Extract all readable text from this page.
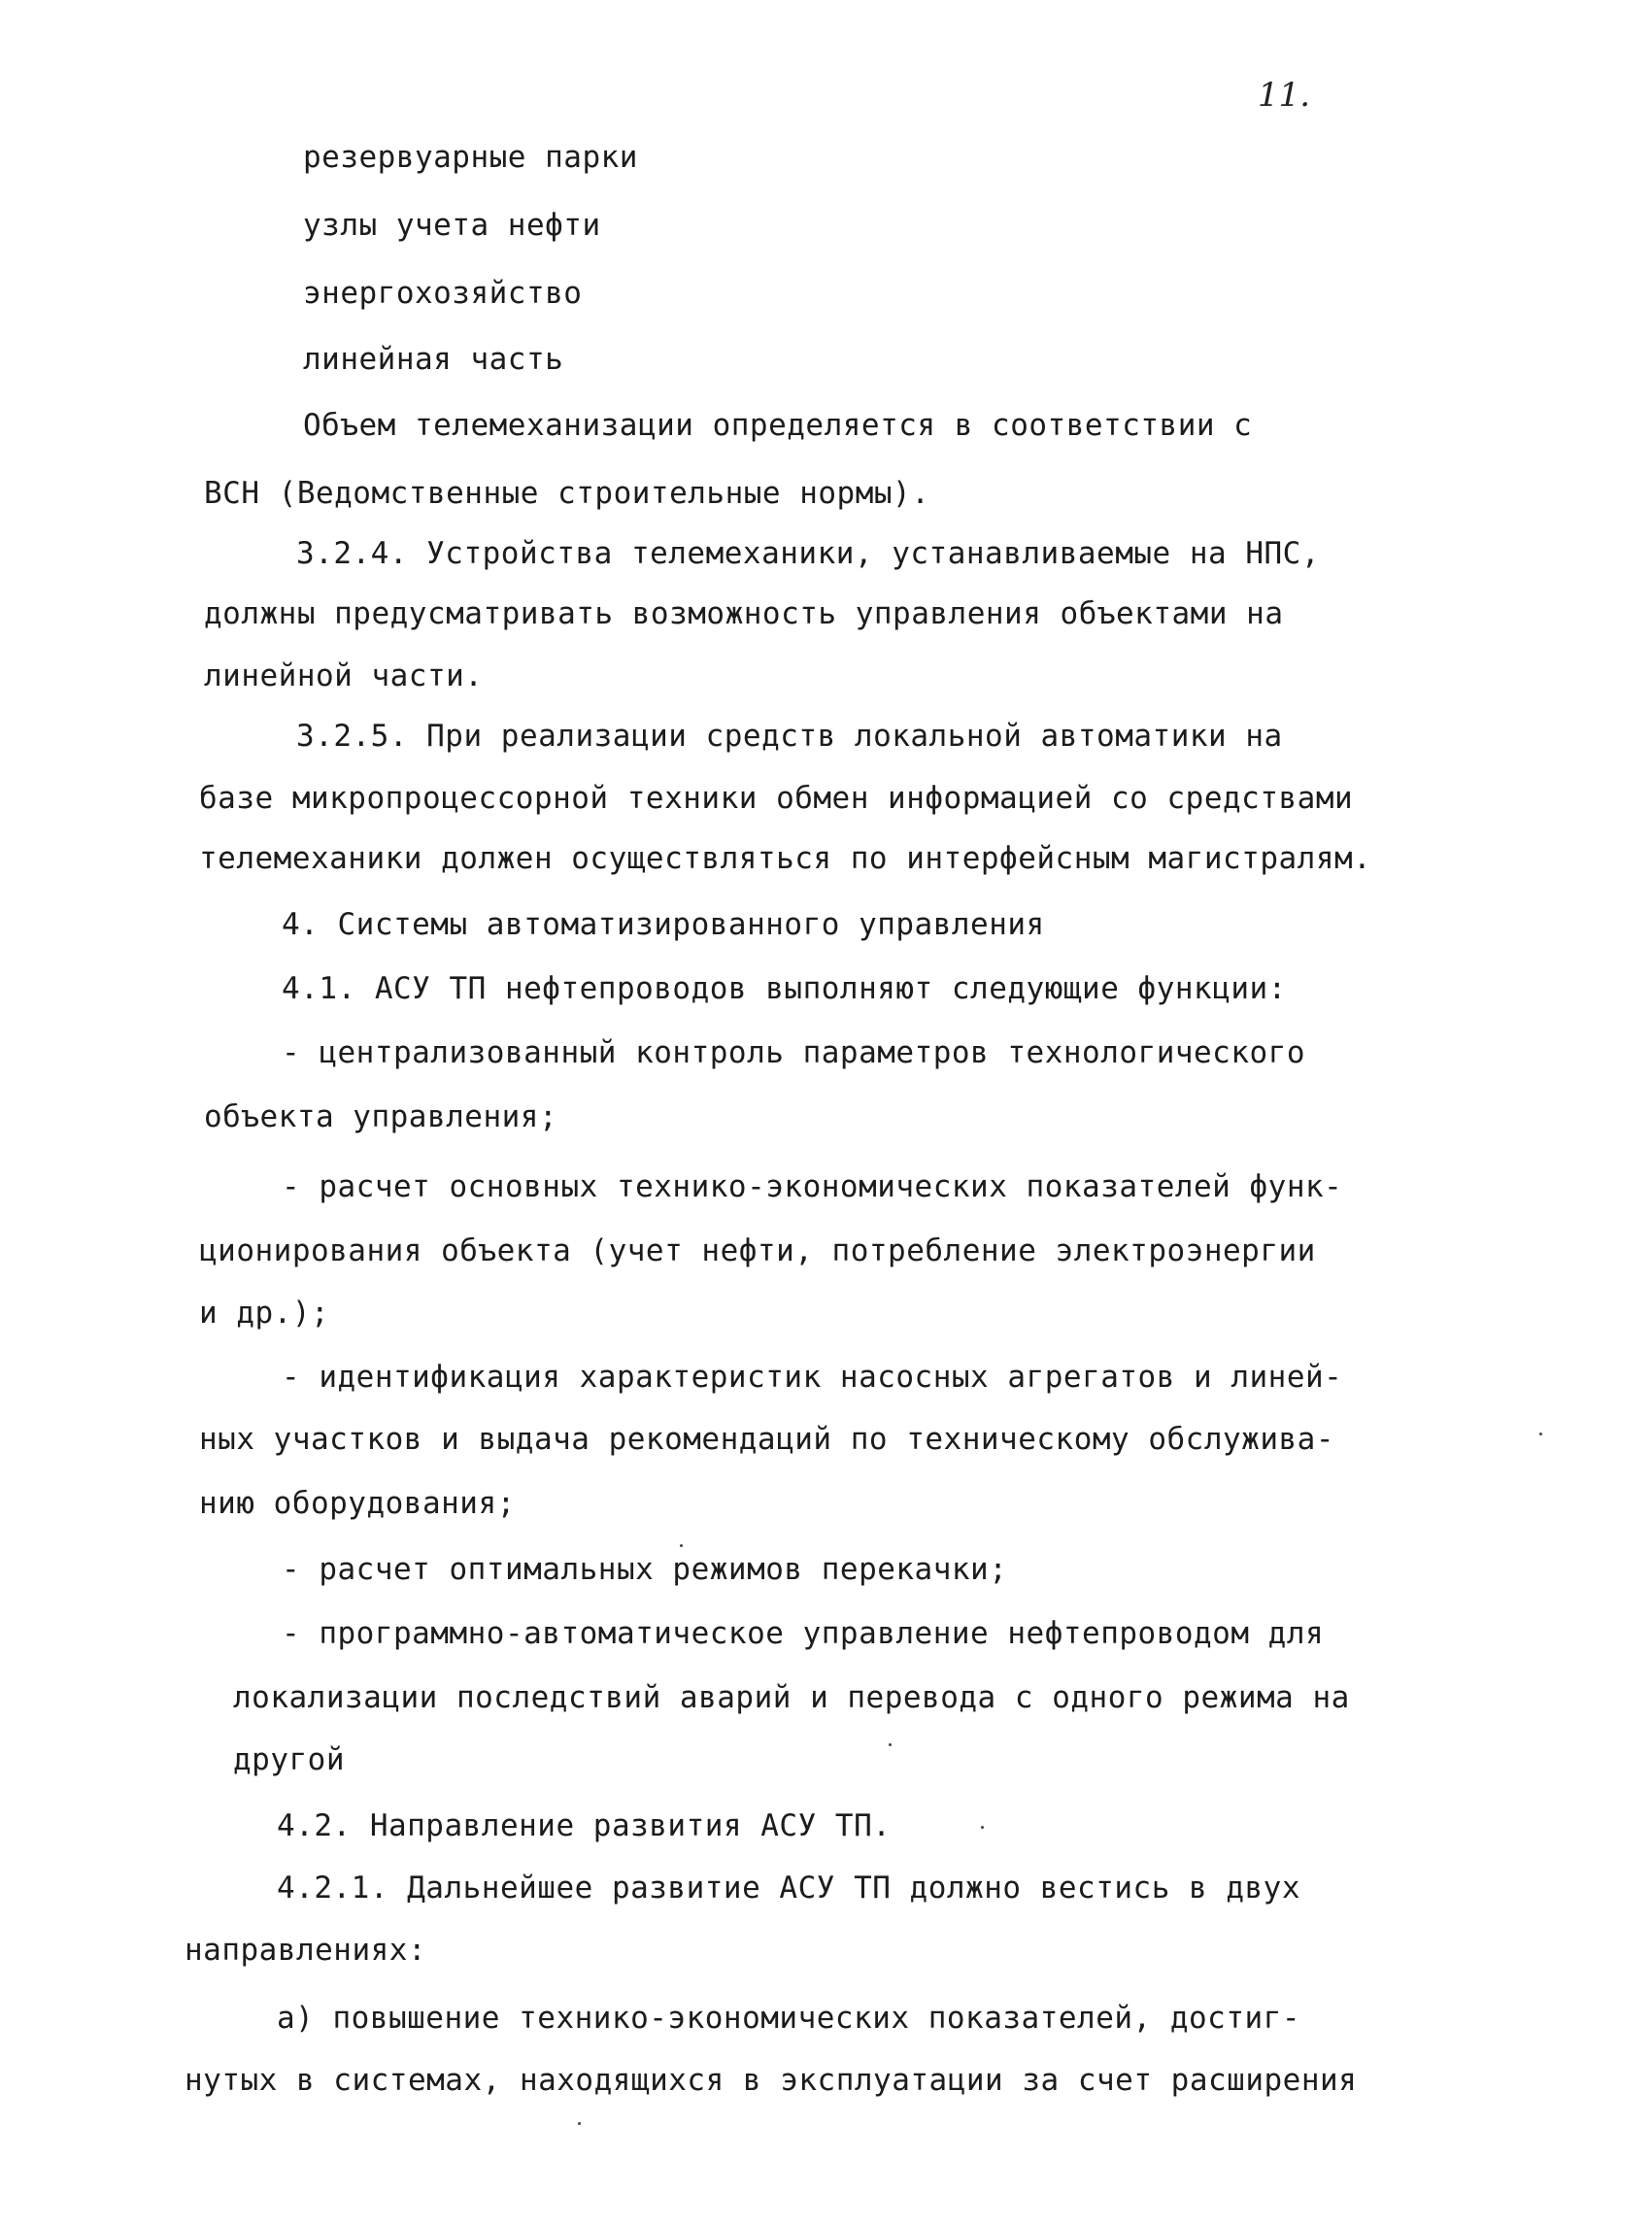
11.
резервуарные парки
узлы учета нефти
энергохозяйство
линейная часть
Объем телемеханизации определяется в соответствии с
ВСН (Ведомственные строительные нормы).
3.2.4. Устройства телемеханики, устанавливаемые на НПС,
должны предусматривать возможность управления объектами на
линейной части.
3.2.5. При реализации средств локальной автоматики на
базе микропроцессорной техники обмен информацией со средствами
телемеханики должен осуществляться по интерфейсным магистралям.
4. Системы автоматизированного управления
4.1. АСУ ТП нефтепроводов выполняют следующие функции:
- централизованный контроль параметров технологического
объекта управления;
- расчет основных технико-экономических показателей функ-
ционирования объекта (учет нефти, потребление электроэнергии
и др.);
- идентификация характеристик насосных агрегатов и линей-
ных участков и выдача рекомендаций по техническому обслужива-
нию оборудования;
- расчет оптимальных режимов перекачки;
- программно-автоматическое управление нефтепроводом для
локализации последствий аварий и перевода с одного режима на
другой
4.2. Направление развития АСУ ТП.
4.2.1. Дальнейшее развитие АСУ ТП должно вестись в двух
направлениях:
а) повышение технико-экономических показателей, достиг-
нутых в системах, находящихся в эксплуатации за счет расширения
